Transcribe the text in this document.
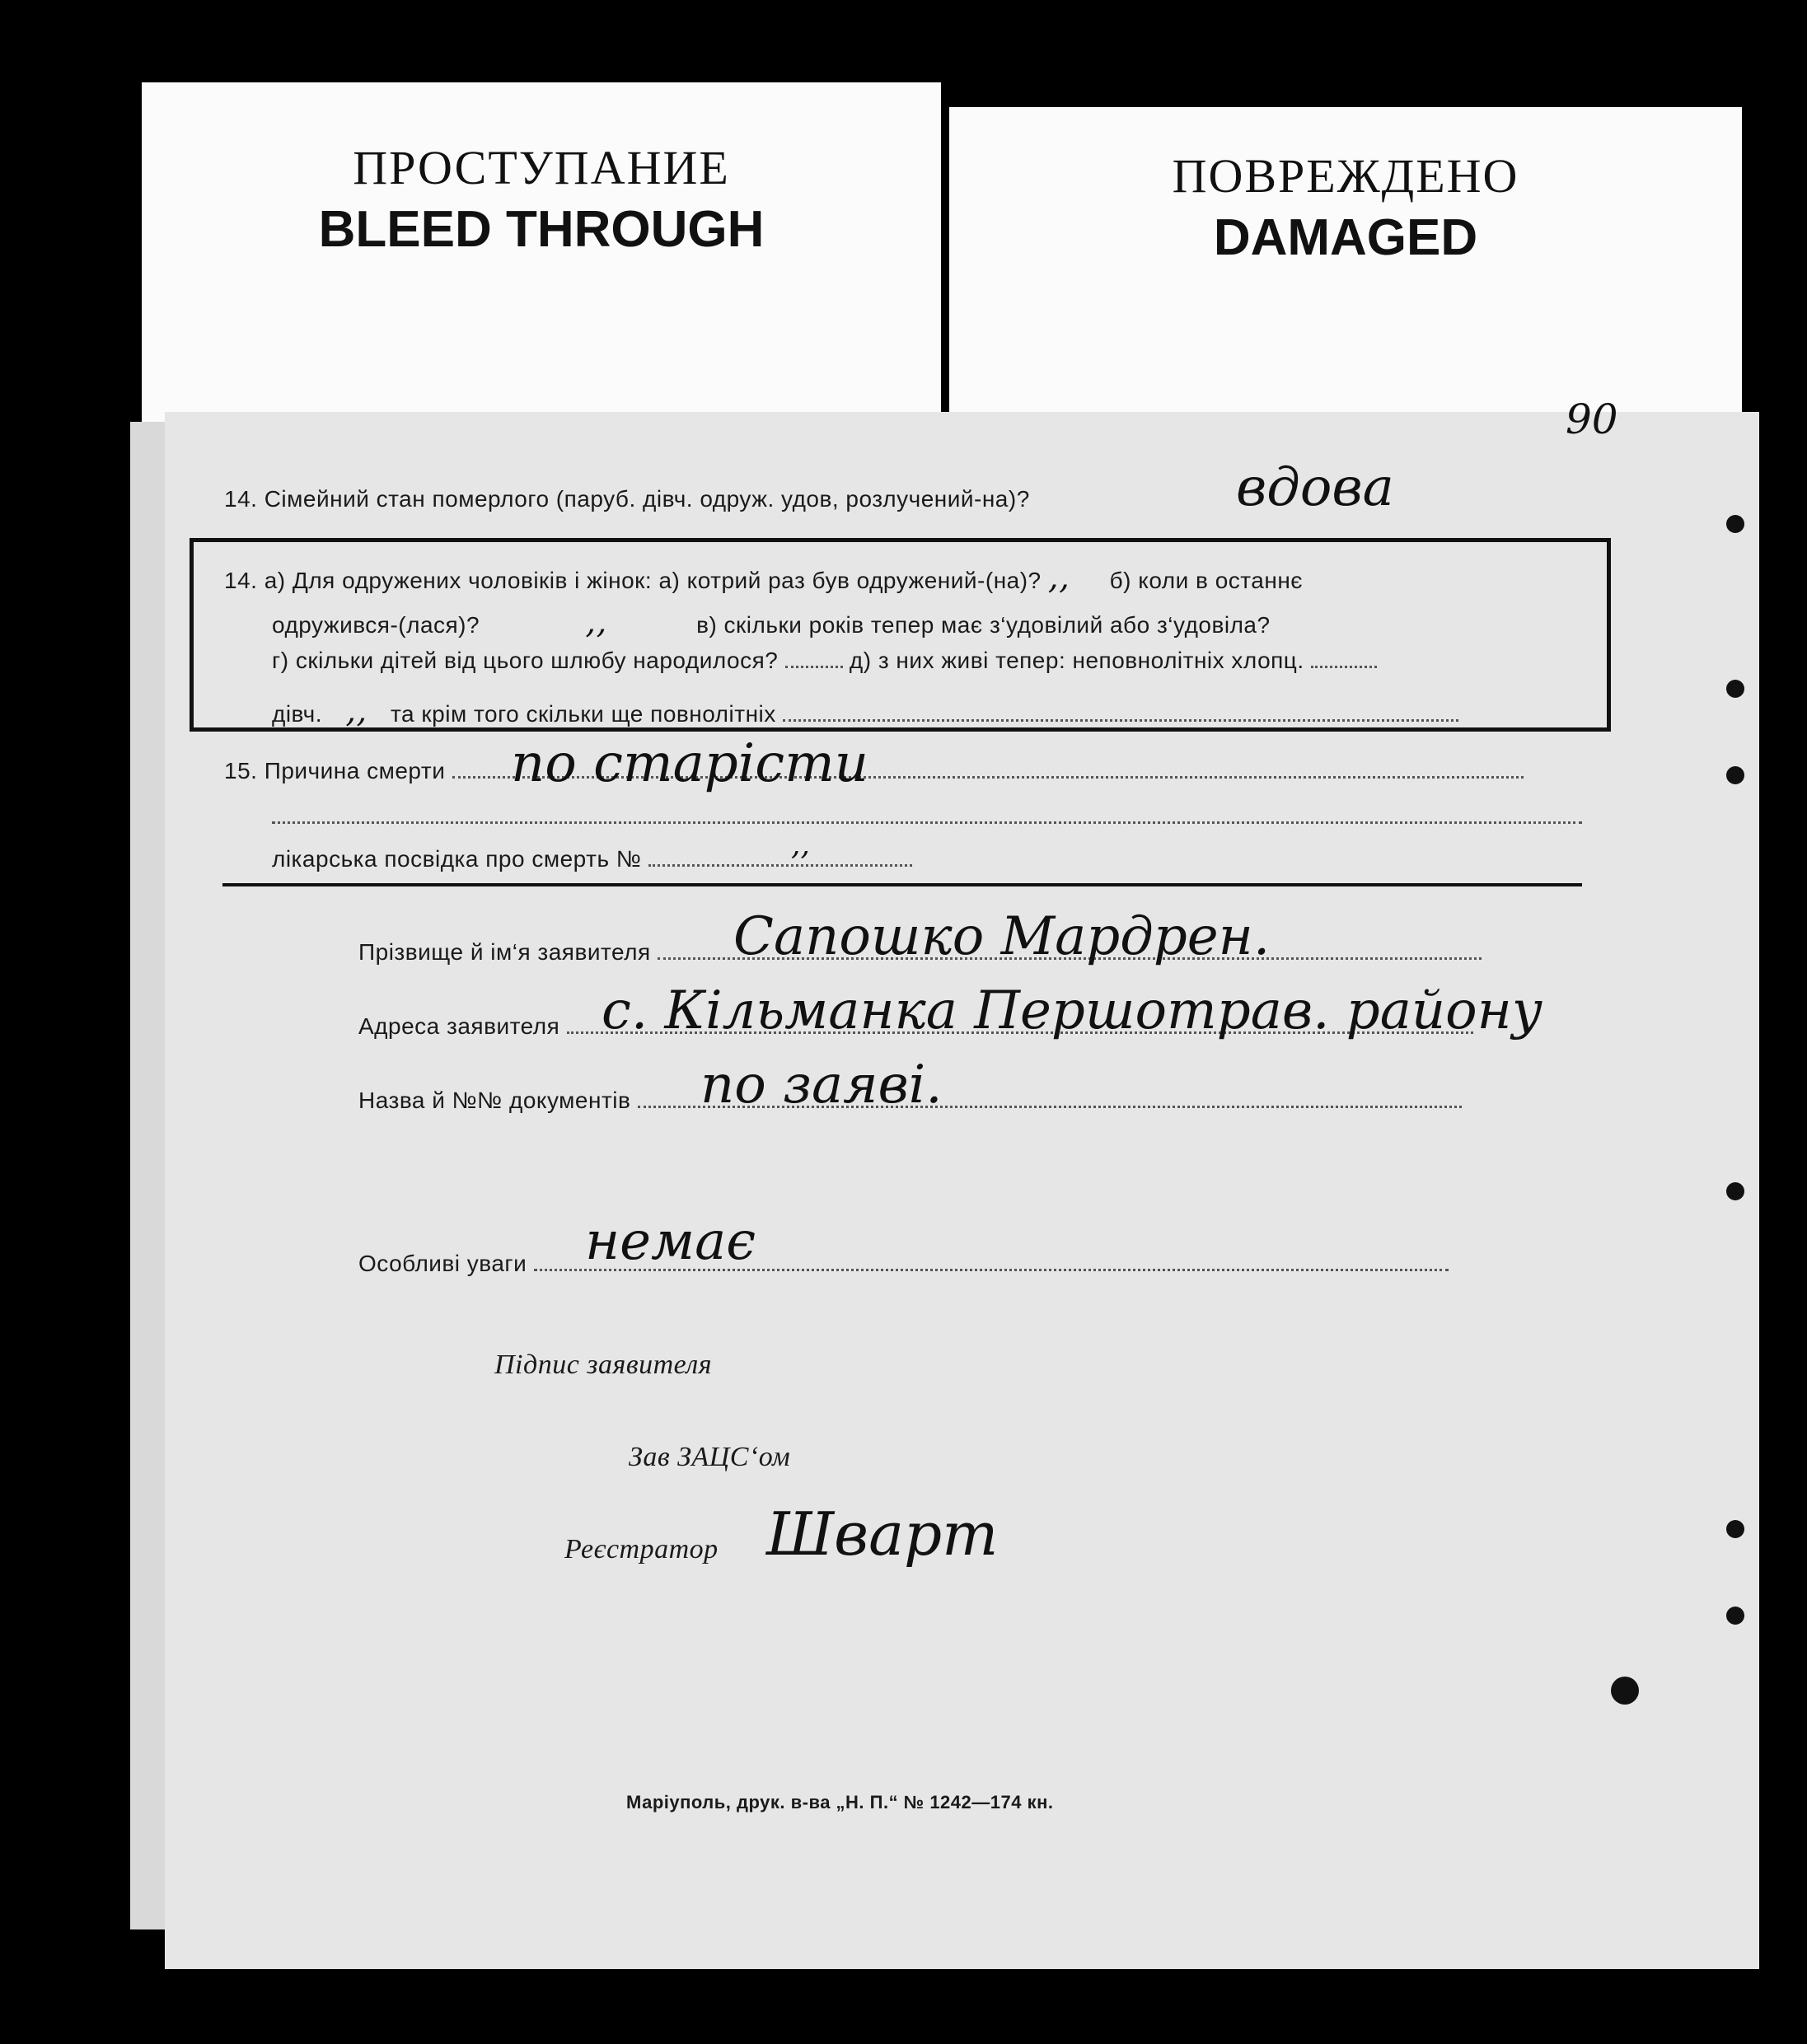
ПРОСТУПАНИЕ
BLEED THROUGH
ПОВРЕЖДЕНО
DAMAGED
90
14. Сімейний стан померлого (паруб. дівч. одруж. удов, розлучений-на)?	вдова
14. а) Для одружених чоловіків і жінок: а) котрий раз був одружений-(на)? ,, б) коли в останнє
одружився-(лася)?	,,	в) скільки років тепер має з‘удовілий або з‘удовіла?
г) скільки дітей від цього шлюбу народилося?	д) з них живі тепер: неповнолітніх хлопц.
дівч. ,, та крім того скільки ще повнолітніх
15. Причина смерти	по старісти
лікарська посвідка про смерть №	,,
Прізвище й ім‘я заявителя	Сапошко Мардрен.
Адреса заявителя с. Кільманка Першотрав. району
Назва й №№ документів	по заяві.
Особливі уваги	немає
Підпис заявителя
Зав ЗАЦС‘ом
Реєстратор Шварт
Маріуполь, друк. в-ва „Н. П.“ № 1242—174 кн.
